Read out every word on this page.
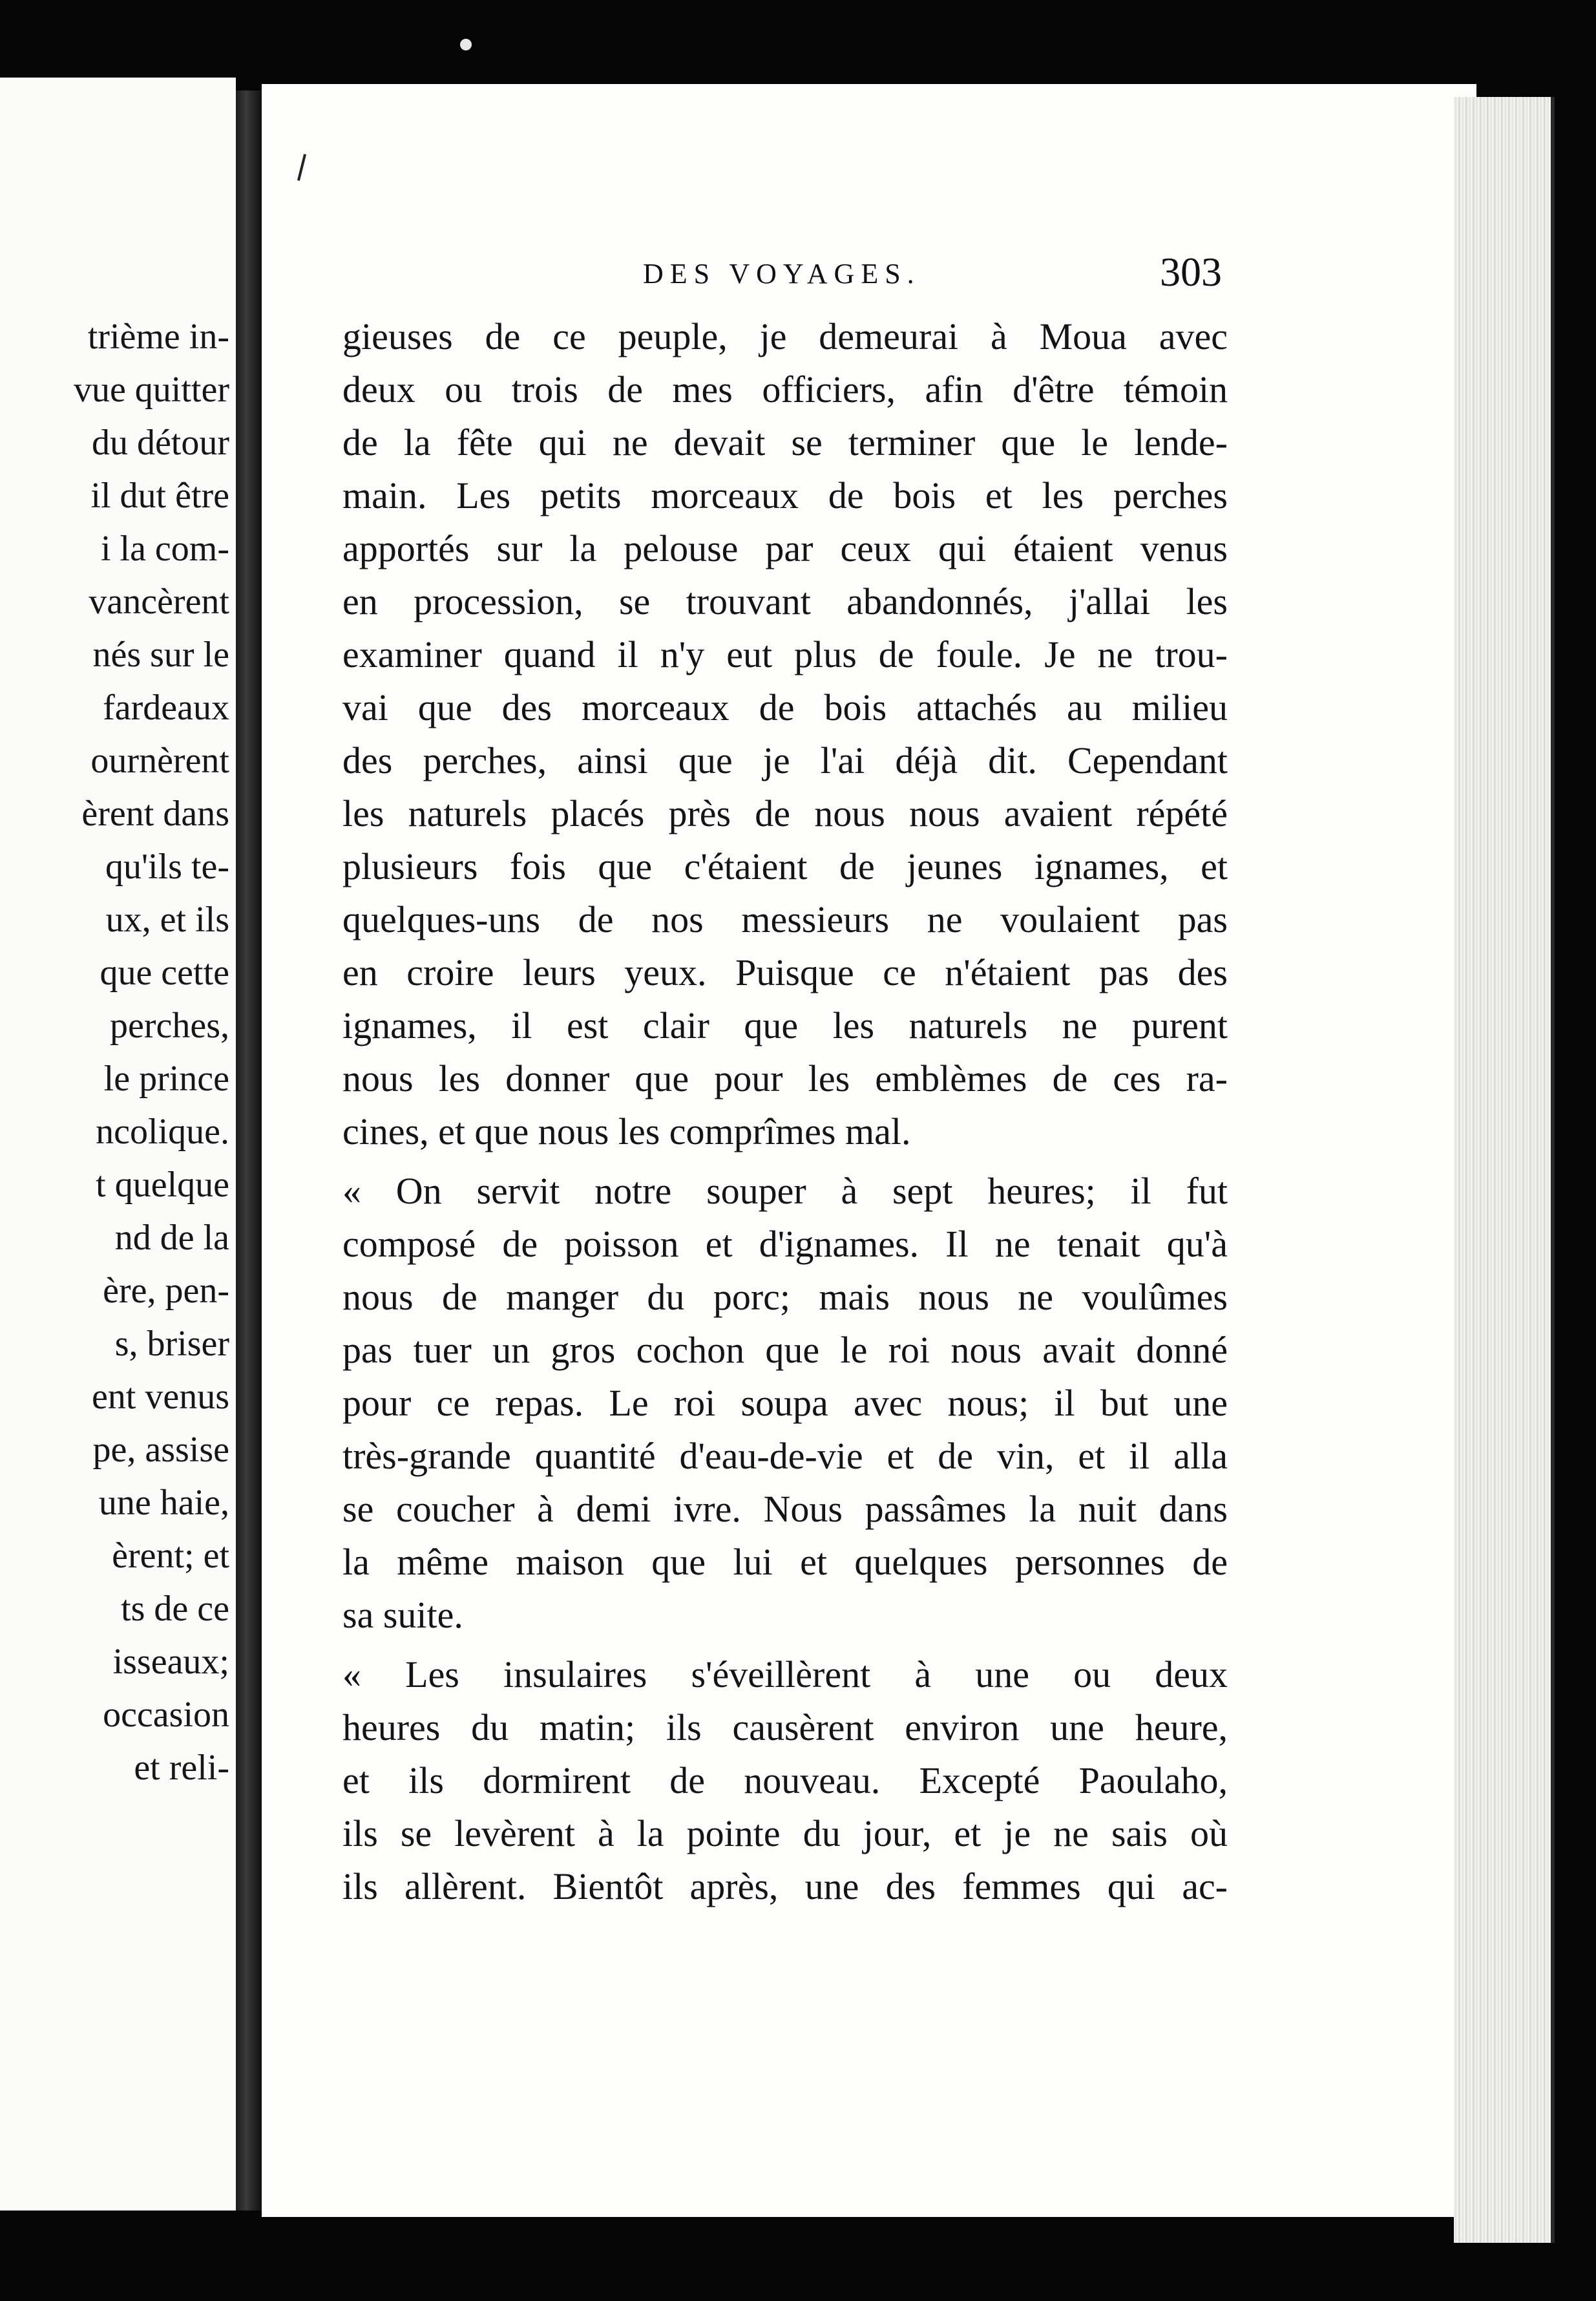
trième in-
vue quitter
du détour
il dut être
i la com-
vancèrent
nés sur le
fardeaux
ournèrent
èrent dans
qu'ils te-
ux, et ils
que cette
perches,
le prince
ncolique.
t quelque
nd de la
ère, pen-
s, briser
ent venus
pe, assise
une haie,
èrent; et
ts de ce
isseaux;
occasion
et reli-
DES VOYAGES.	303

gieuses de ce peuple, je demeurai à Moua avec
deux ou trois de mes officiers, afin d'être témoin
de la fête qui ne devait se terminer que le lende-
main. Les petits morceaux de bois et les perches
apportés sur la pelouse par ceux qui étaient venus
en procession, se trouvant abandonnés, j'allai les
examiner quand il n'y eut plus de foule. Je ne trou-
vai que des morceaux de bois attachés au milieu
des perches, ainsi que je l'ai déjà dit. Cependant
les naturels placés près de nous nous avaient répété
plusieurs fois que c'étaient de jeunes ignames, et
quelques-uns de nos messieurs ne voulaient pas
en croire leurs yeux. Puisque ce n'étaient pas des
ignames, il est clair que les naturels ne purent
nous les donner que pour les emblèmes de ces ra-
cines, et que nous les comprîmes mal.

« On servit notre souper à sept heures; il fut
composé de poisson et d'ignames. Il ne tenait qu'à
nous de manger du porc; mais nous ne voulûmes
pas tuer un gros cochon que le roi nous avait donné
pour ce repas. Le roi soupa avec nous; il but une
très-grande quantité d'eau-de-vie et de vin, et il alla
se coucher à demi ivre. Nous passâmes la nuit dans
la même maison que lui et quelques personnes de
sa suite.

« Les insulaires s'éveillèrent à une ou deux
heures du matin; ils causèrent environ une heure,
et ils dormirent de nouveau. Excepté Paoulaho,
ils se levèrent à la pointe du jour, et je ne sais où
ils allèrent. Bientôt après, une des femmes qui ac-
